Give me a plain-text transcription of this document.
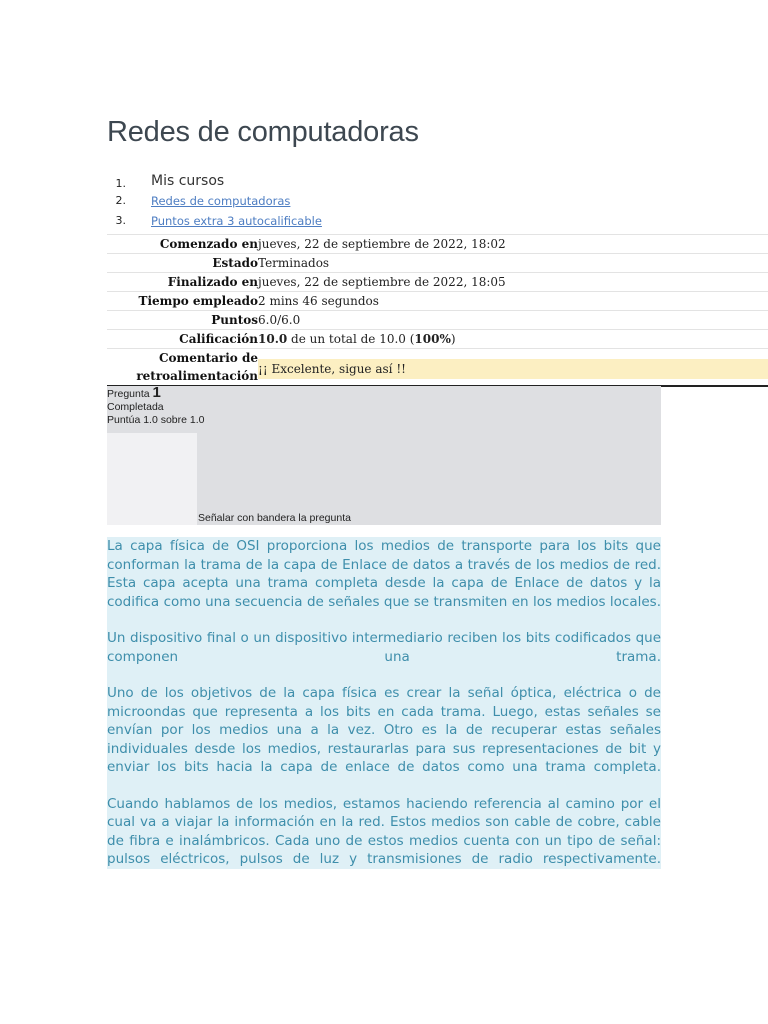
Redes de computadoras
1. Mis cursos
2. Redes de computadoras
3. Puntos extra 3 autocalificable
Comenzado en jueves, 22 de septiembre de 2022, 18:02
Estado Terminados
Finalizado en jueves, 22 de septiembre de 2022, 18:05
Tiempo empleado 2 mins 46 segundos
Puntos 6.0/6.0
Calificación 10.0 de un total de 10.0 (100%)
Comentario de retroalimentación ¡¡ Excelente, sigue así !!
Pregunta 1
Completada
Puntúa 1.0 sobre 1.0
Señalar con bandera la pregunta

La capa física de OSI proporciona los medios de transporte para los bits que conforman la trama de la capa de Enlace de datos a través de los medios de red. Esta capa acepta una trama completa desde la capa de Enlace de datos y la codifica como una secuencia de señales que se transmiten en los medios locales.

Un dispositivo final o un dispositivo intermediario reciben los bits codificados que componen una trama.

Uno de los objetivos de la capa física es crear la señal óptica, eléctrica o de microondas que representa a los bits en cada trama. Luego, estas señales se envían por los medios una a la vez. Otro es la de recuperar estas señales individuales desde los medios, restaurarlas para sus representaciones de bit y enviar los bits hacia la capa de enlace de datos como una trama completa.

Cuando hablamos de los medios, estamos haciendo referencia al camino por el cual va a viajar la información en la red. Estos medios son cable de cobre, cable de fibra e inalámbricos. Cada uno de estos medios cuenta con un tipo de señal: pulsos eléctricos, pulsos de luz y transmisiones de radio respectivamente.
